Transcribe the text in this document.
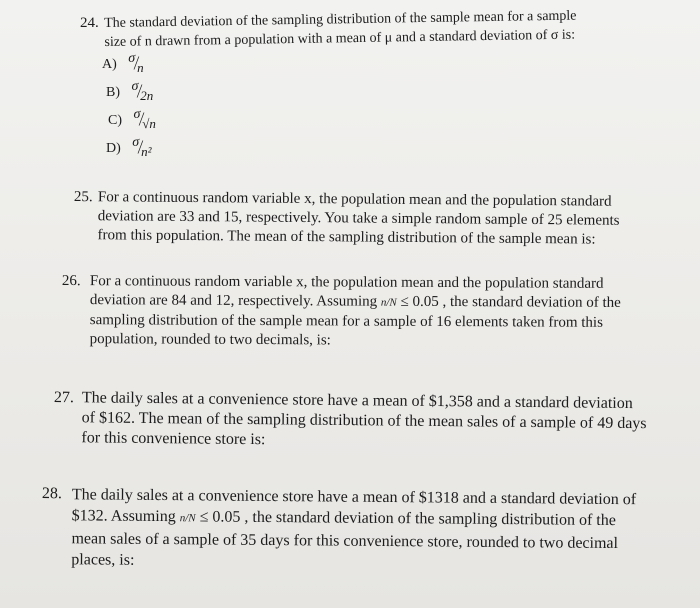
24. The standard deviation of the sampling distribution of the sample mean for a sample
size of n drawn from a population with a mean of μ and a standard deviation of σ is:
A) σ/n
B) σ/2n
C) σ/√n
D) σ/n²
25. For a continuous random variable x, the population mean and the population standard
deviation are 33 and 15, respectively. You take a simple random sample of 25 elements
from this population. The mean of the sampling distribution of the sample mean is:
26. For a continuous random variable x, the population mean and the population standard
deviation are 84 and 12, respectively. Assuming n/N ≤ 0.05 , the standard deviation of the
sampling distribution of the sample mean for a sample of 16 elements taken from this
population, rounded to two decimals, is:
27. The daily sales at a convenience store have a mean of $1,358 and a standard deviation
of $162. The mean of the sampling distribution of the mean sales of a sample of 49 days
for this convenience store is:
28. The daily sales at a convenience store have a mean of $1318 and a standard deviation of
$132. Assuming n/N ≤ 0.05 , the standard deviation of the sampling distribution of the
mean sales of a sample of 35 days for this convenience store, rounded to two decimal
places, is:
